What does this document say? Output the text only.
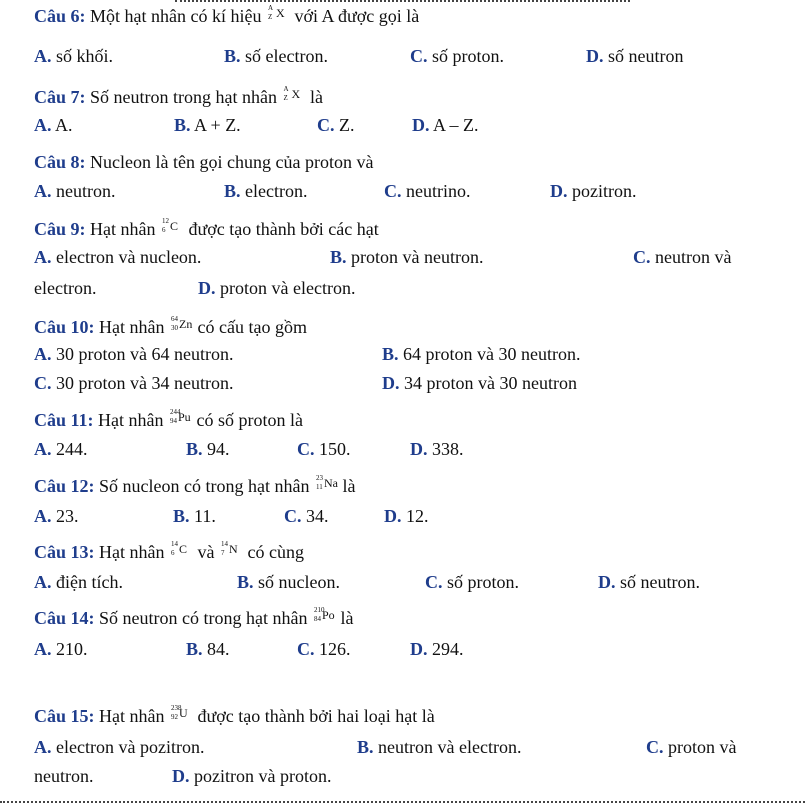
Câu 6: Một hạt nhân có kí hiệu A
Z X với A được gọi là
A. số khối.	B. số electron.	C. số proton.	D. số neutron
Câu 7: Số neutron trong hạt nhân A
Z X là
A. A.	B. A + Z.	C. Z.	D. A – Z.
Câu 8: Nucleon là tên gọi chung của proton và
A. neutron.	B. electron.	C. neutrino.	D. pozitron.
Câu 9: Hạt nhân 12
6 C được tạo thành bởi các hạt
A. electron và nucleon.	B. proton và neutron.	C. neutron và
electron.	D. proton và electron.
Câu 10: Hạt nhân 64
30 Zn có cấu tạo gồm
A. 30 proton và 64 neutron.	B. 64 proton và 30 neutron.
C. 30 proton và 34 neutron.	D. 34 proton và 30 neutron
Câu 11: Hạt nhân 244
94 Pu có số proton là
A. 244.	B. 94.	C. 150.	D. 338.
Câu 12: Số nucleon có trong hạt nhân 23
11 Na là
A. 23.	B. 11.	C. 34.	D. 12.
Câu 13: Hạt nhân 14
6 C và 14
7 N có cùng
A. điện tích.	B. số nucleon.	C. số proton.	D. số neutron.
Câu 14: Số neutron có trong hạt nhân 210
84 Po là
A. 210.	B. 84.	C. 126.	D. 294.
Câu 15: Hạt nhân 238
92 U được tạo thành bởi hai loại hạt là
A. electron và pozitron.	B. neutron và electron.	C. proton và
neutron.	D. pozitron và proton.
